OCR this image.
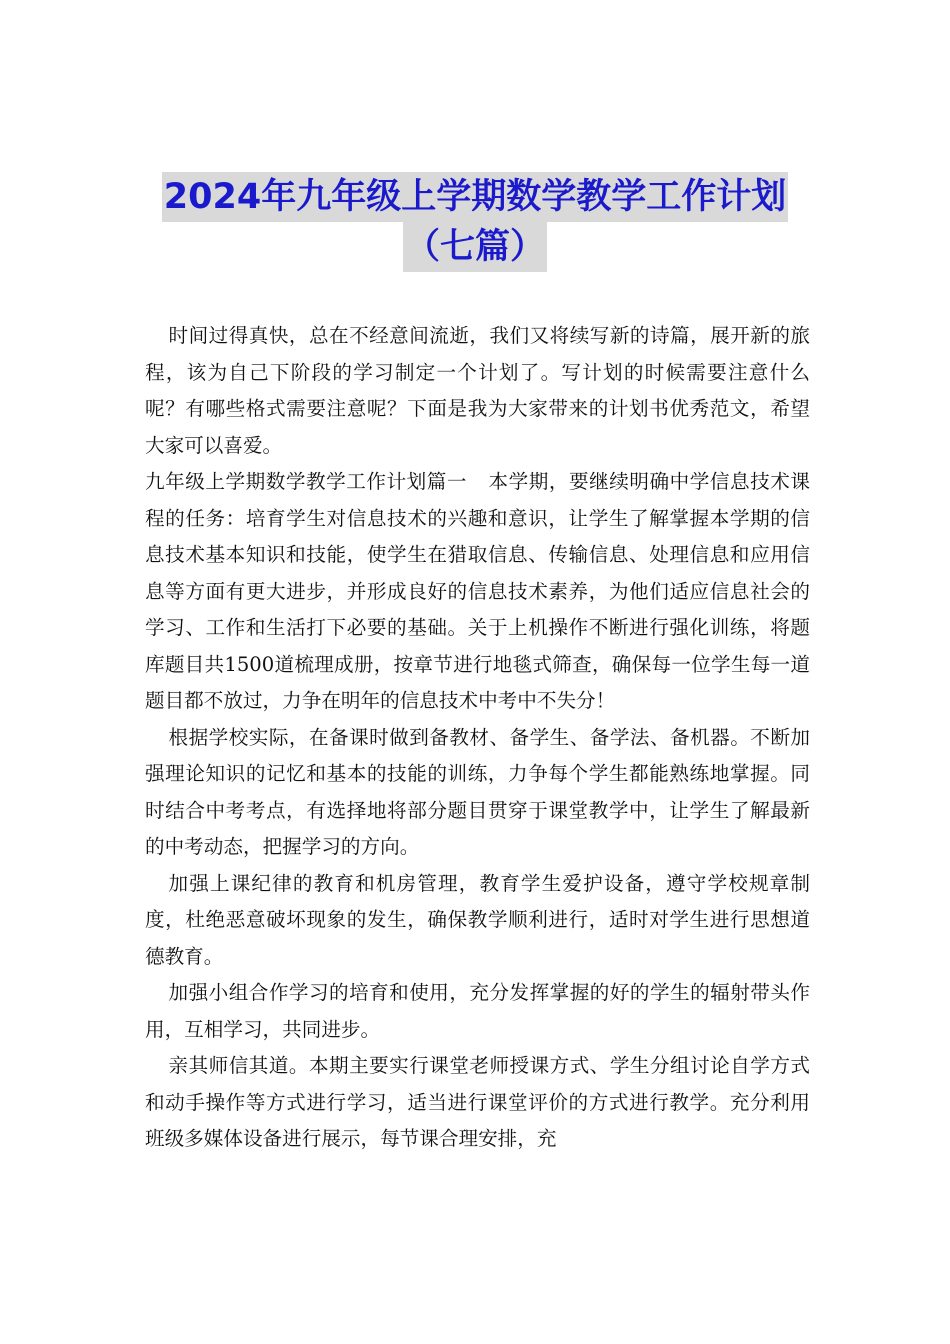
2024年九年级上学期数学教学工作计划
（七篇）

时间过得真快，总在不经意间流逝，我们又将续写新的诗篇，展开新的旅程，该为自己下阶段的学习制定一个计划了。写计划的时候需要注意什么呢？有哪些格式需要注意呢？下面是我为大家带来的计划书优秀范文，希望大家可以喜爱。

九年级上学期数学教学工作计划篇一 本学期，要继续明确中学信息技术课程的任务：培育学生对信息技术的兴趣和意识，让学生了解掌握本学期的信息技术基本知识和技能，使学生在猎取信息、传输信息、处理信息和应用信息等方面有更大进步，并形成良好的信息技术素养，为他们适应信息社会的学习、工作和生活打下必要的基础。关于上机操作不断进行强化训练，将题库题目共1500道梳理成册，按章节进行地毯式筛查，确保每一位学生每一道题目都不放过，力争在明年的信息技术中考中不失分！

根据学校实际，在备课时做到备教材、备学生、备学法、备机器。不断加强理论知识的记忆和基本的技能的训练，力争每个学生都能熟练地掌握。同时结合中考考点，有选择地将部分题目贯穿于课堂教学中，让学生了解最新的中考动态，把握学习的方向。

加强上课纪律的教育和机房管理，教育学生爱护设备，遵守学校规章制度，杜绝恶意破坏现象的发生，确保教学顺利进行，适时对学生进行思想道德教育。

加强小组合作学习的培育和使用，充分发挥掌握的好的学生的辐射带头作用，互相学习，共同进步。

亲其师信其道。本期主要实行课堂老师授课方式、学生分组讨论自学方式和动手操作等方式进行学习，适当进行课堂评价的方式进行教学。充分利用班级多媒体设备进行展示，每节课合理安排，充
